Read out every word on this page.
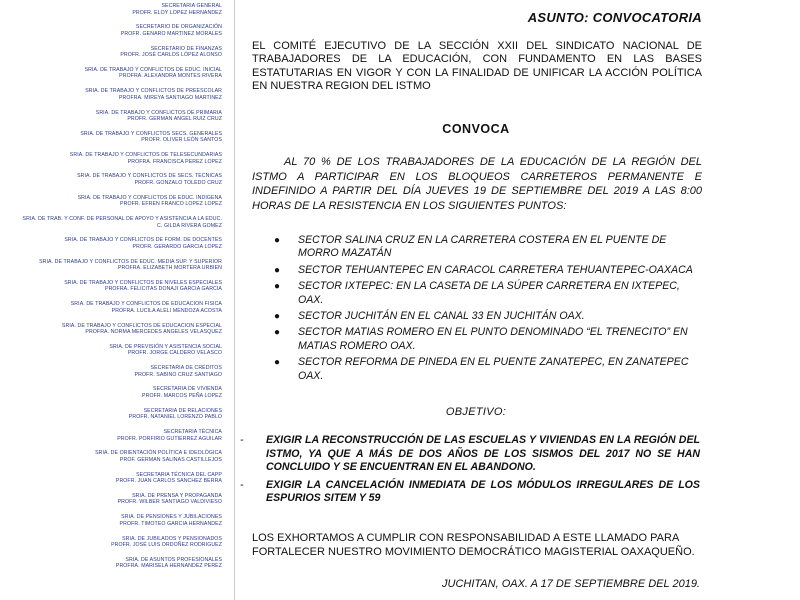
SECRETARIA GENERAL
PROFR. ELOY LOPEZ HERNANDEZ
SECRETARIO DE ORGANIZACIÓN
PROFR. GENARO MARTINEZ MORALES
SECRETARIO DE FINANZAS
PROFR. JOSÉ CARLOS LÓPEZ ALONSO
SRIA. DE TRABAJO Y CONFLICTOS DE EDUC. INICIAL
PROFRA. ALEXANDRA MONTES RIVERA
SRIA. DE TRABAJO Y CONFLICTOS DE PREESCOLAR
PROFRA. MIREYA SANTIAGO MARTINEZ
SRIA. DE TRABAJO Y CONFLICTOS DE PRIMARIA
PROFR. GERMAN ANGEL RUIZ CRUZ
SRIA. DE TRABAJO Y CONFLICTOS SECS. GENERALES
PROFR. OLIVER LEÓN SANTOS
SRIA. DE TRABAJO Y CONFLICTOS DE TELESECUNDARIAS
PROFRA. FRANCISCA PEREZ LOPEZ
SRIA. DE TRABAJO Y CONFLICTOS DE SECS. TECNICAS
PROFR. GONZALO TOLEDO CRUZ
SRIA. DE TRABAJO Y CONFLICTOS DE EDUC. INDIGENA
PROFR. EFREN FRANCO LOPEZ LOPEZ
SRIA. DE TRAB. Y CONF. DE PERSONAL DE APOYO Y ASISTENCIA A LA EDUC.
C. GILDA RIVERA GOMEZ
SRIA. DE TRABAJO Y CONFLICTOS DE FORM. DE DOCENTES
PROFR. GERARDO GARCIA LOPEZ
SRIA. DE TRABAJO Y CONFLICTOS DE EDUC. MEDIA SUP. Y SUPERIOR
PROFRA. ELIZABETH MORTERA URBIEN
SRIA. DE TRABAJO Y CONFLICTOS DE NIVELES ESPECIALES
PROFRA. FELICITAS DONAJI GARCIA GARCIA
SRIA. DE TRABAJO Y CONFLICTOS DE EDUCACION FISICA
PROFRA. LUCILA ALELI MENDOZA ACOSTA
SRIA. DE TRABAJO Y CONFLICTOS DE EDUCACION ESPECIAL
PROFRA. NORMA MERCEDES ANGELES VELASQUEZ
SRIA. DE PREVISIÓN Y ASISTENCIA SOCIAL
PROFR. JORGE CALDERO VELASCO
SECRETARIA DE CRÉDITOS
PROFR. SABINO CRUZ SANTIAGO
SECRETARIA DE VIVIENDA
PROFR. MARCOS PEÑA LOPEZ
SECRETARIA DE RELACIONES
PROFR. NATANIEL LORENZO PABLO
SECRETARIA TÉCNICA
PROFR. PORFIRIO GUTIERREZ AGUILAR
SRIA. DE ORIENTACIÓN POLÍTICA E IDEOLÓGICA
PROF. GERMAN SALINAS CASTILLEJOS
SECRETARIA TÉCNICA DEL CAPP
PROFR. JUAN CARLOS SANCHEZ BERRA
SRIA. DE PRENSA Y PROPAGANDA
PROFR. WILBER SANTIAGO VALDIVIESO
SRIA. DE PENSIONES Y JUBILACIONES
PROFR. TIMOTEO GARCIA HERNANDEZ
SRIA. DE JUBILADOS Y PENSIONADOS
PROFR. JOSÉ LUIS ORDOÑEZ RODRIGUEZ
SRIA. DE ASUNTOS PROFESIONALES
PROFRA. MARISELA HERNANDEZ PEREZ
ASUNTO: CONVOCATORIA
EL COMITÉ EJECUTIVO DE LA SECCIÓN XXII DEL SINDICATO NACIONAL DE TRABAJADORES DE LA EDUCACIÓN, CON FUNDAMENTO EN LAS BASES ESTATUTARIAS EN VIGOR Y CON LA FINALIDAD DE UNIFICAR LA ACCIÓN POLÍTICA EN NUESTRA REGION DEL ISTMO
CONVOCA
AL 70 % DE LOS TRABAJADORES DE LA EDUCACIÓN DE LA REGIÓN DEL ISTMO A PARTICIPAR EN LOS BLOQUEOS CARRETEROS PERMANENTE E INDEFINIDO A PARTIR DEL DÍA JUEVES 19 DE SEPTIEMBRE DEL 2019 A LAS 8:00 HORAS DE LA RESISTENCIA EN LOS SIGUIENTES PUNTOS:
● SECTOR SALINA CRUZ EN LA CARRETERA COSTERA EN EL PUENTE DE MORRO MAZATÁN
● SECTOR TEHUANTEPEC EN CARACOL CARRETERA TEHUANTEPEC-OAXACA
● SECTOR IXTEPEC: EN LA CASETA DE LA SÚPER CARRETERA EN IXTEPEC, OAX.
● SECTOR JUCHITÁN EN EL CANAL 33 EN JUCHITÁN OAX.
● SECTOR MATIAS ROMERO EN EL PUNTO DENOMINADO “EL TRENECITO” EN MATIAS ROMERO OAX.
● SECTOR REFORMA DE PINEDA EN EL PUENTE ZANATEPEC, EN ZANATEPEC OAX.
OBJETIVO:
- EXIGIR LA RECONSTRUCCIÓN DE LAS ESCUELAS Y VIVIENDAS EN LA REGIÓN DEL ISTMO, YA QUE A MÁS DE DOS AÑOS DE LOS SISMOS DEL 2017 NO SE HAN CONCLUIDO Y SE ENCUENTRAN EN EL ABANDONO.
- EXIGIR LA CANCELACIÓN INMEDIATA DE LOS MÓDULOS IRREGULARES DE LOS ESPURIOS SITEM Y 59
LOS EXHORTAMOS A CUMPLIR CON RESPONSABILIDAD A ESTE LLAMADO PARA FORTALECER NUESTRO MOVIMIENTO DEMOCRÁTICO MAGISTERIAL OAXAQUEÑO.
JUCHITAN, OAX. A 17 DE SEPTIEMBRE DEL 2019.
